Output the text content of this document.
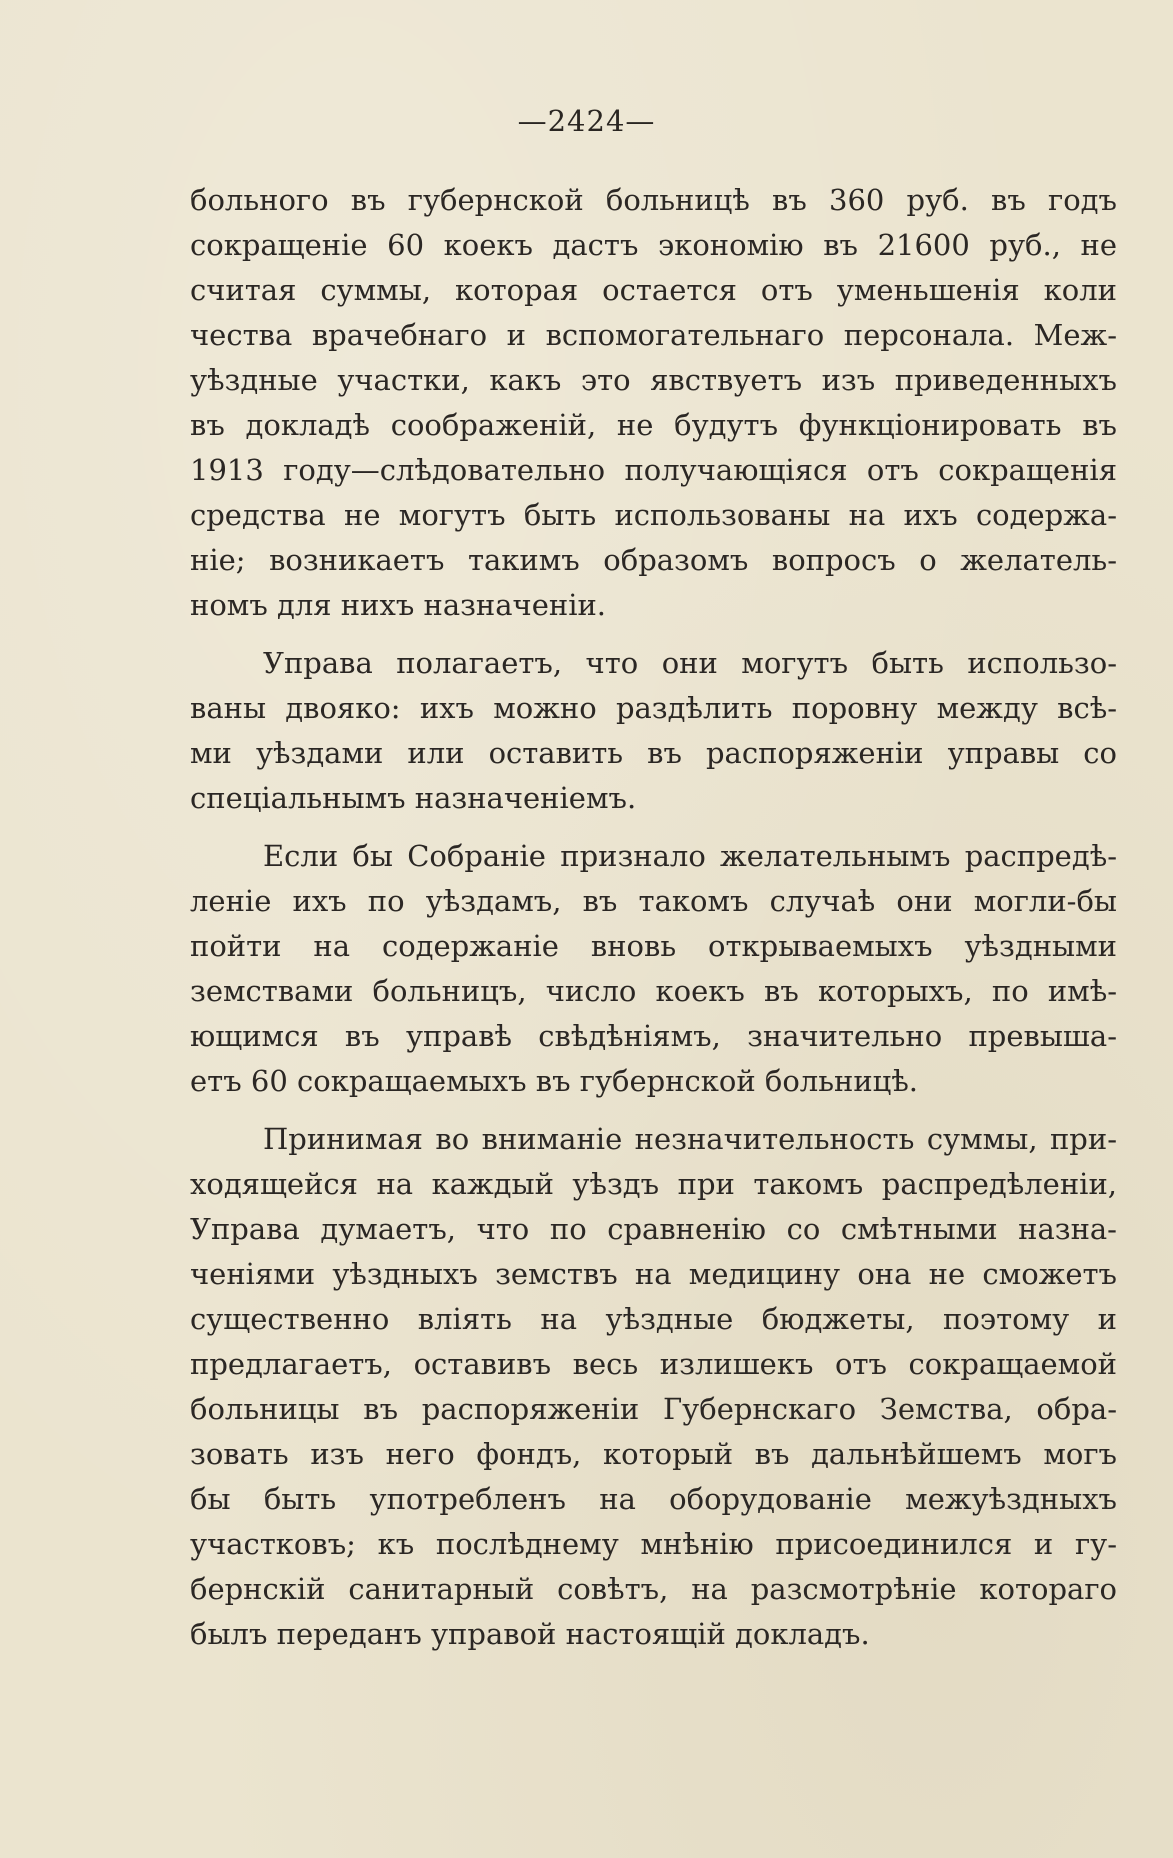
—2424—
больного въ губернской больницѣ въ 360 руб. въ годъ
сокращеніе 60 коекъ дастъ экономію въ 21600 руб., не
считая суммы, которая остается отъ уменьшенія коли
чества врачебнаго и вспомогательнаго персонала. Меж-
уѣздные участки, какъ это явствуетъ изъ приведенныхъ
въ докладѣ соображеній, не будутъ функціонировать въ
1913 году—слѣдовательно получающіяся отъ сокращенія
средства не могутъ быть использованы на ихъ содержа-
ніе; возникаетъ такимъ образомъ вопросъ о желатель-
номъ для нихъ назначеніи.
Управа полагаетъ, что они могутъ быть использо-
ваны двояко: ихъ можно раздѣлить поровну между всѣ-
ми уѣздами или оставить въ распоряженіи управы со
спеціальнымъ назначеніемъ.
Если бы Собраніе признало желательнымъ распредѣ-
леніе ихъ по уѣздамъ, въ такомъ случаѣ они могли-бы
пойти на содержаніе вновь открываемыхъ уѣздными
земствами больницъ, число коекъ въ которыхъ, по имѣ-
ющимся въ управѣ свѣдѣніямъ, значительно превыша-
етъ 60 сокращаемыхъ въ губернской больницѣ.
Принимая во вниманіе незначительность суммы, при-
ходящейся на каждый уѣздъ при такомъ распредѣленіи,
Управа думаетъ, что по сравненію со смѣтными назна-
ченіями уѣздныхъ земствъ на медицину она не сможетъ
существенно вліять на уѣздные бюджеты, поэтому и
предлагаетъ, оставивъ весь излишекъ отъ сокращаемой
больницы въ распоряженіи Губернскаго Земства, обра-
зовать изъ него фондъ, который въ дальнѣйшемъ могъ
бы быть употребленъ на оборудованіе межуѣздныхъ
участковъ; къ послѣднему мнѣнію присоединился и гу-
бернскій санитарный совѣтъ, на разсмотрѣніе котораго
былъ переданъ управой настоящій докладъ.
